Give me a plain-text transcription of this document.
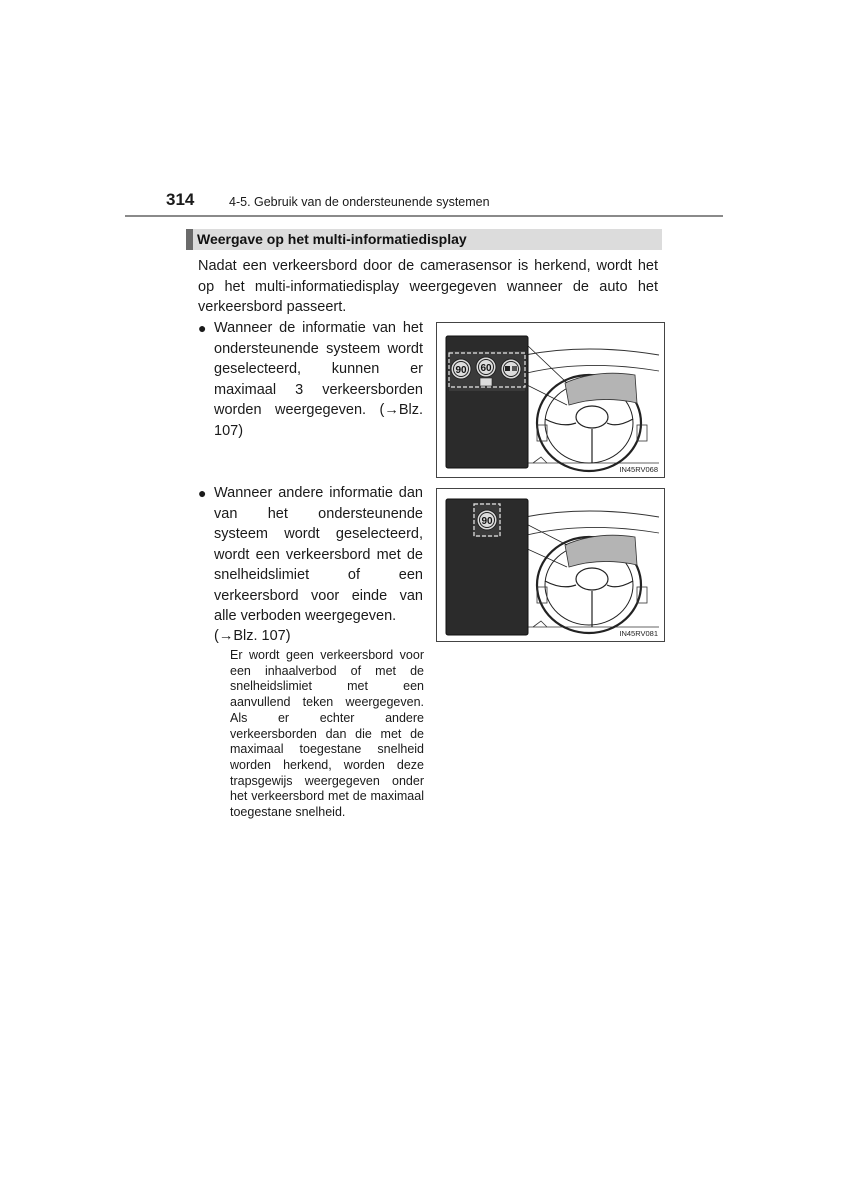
314	4-5. Gebruik van de ondersteunende systemen
Weergave op het multi-informatiedisplay
Nadat een verkeersbord door de camerasensor is herkend, wordt het op het multi-informatiedisplay weergegeven wanneer de auto het verkeersbord passeert.
● Wanneer de informatie van het ondersteunende systeem wordt geselecteerd, kunnen er maximaal 3 verkeersborden worden weergegeven. (→Blz. 107)
● Wanneer andere informatie dan van het ondersteunende systeem wordt geselecteerd, wordt een verkeersbord met de snelheidslimiet of een verkeersbord voor einde van alle verboden weergegeven.
(→Blz. 107)
Er wordt geen verkeersbord voor een inhaalverbod of met de snelheidslimiet met een aanvullend teken weergegeven. Als er echter andere verkeersborden dan die met de maximaal toegestane snelheid worden herkend, worden deze trapsgewijs weergegeven onder het verkeersbord met de maximaal toegestane snelheid.
90 60
IN45RV068
90
IN45RV081
